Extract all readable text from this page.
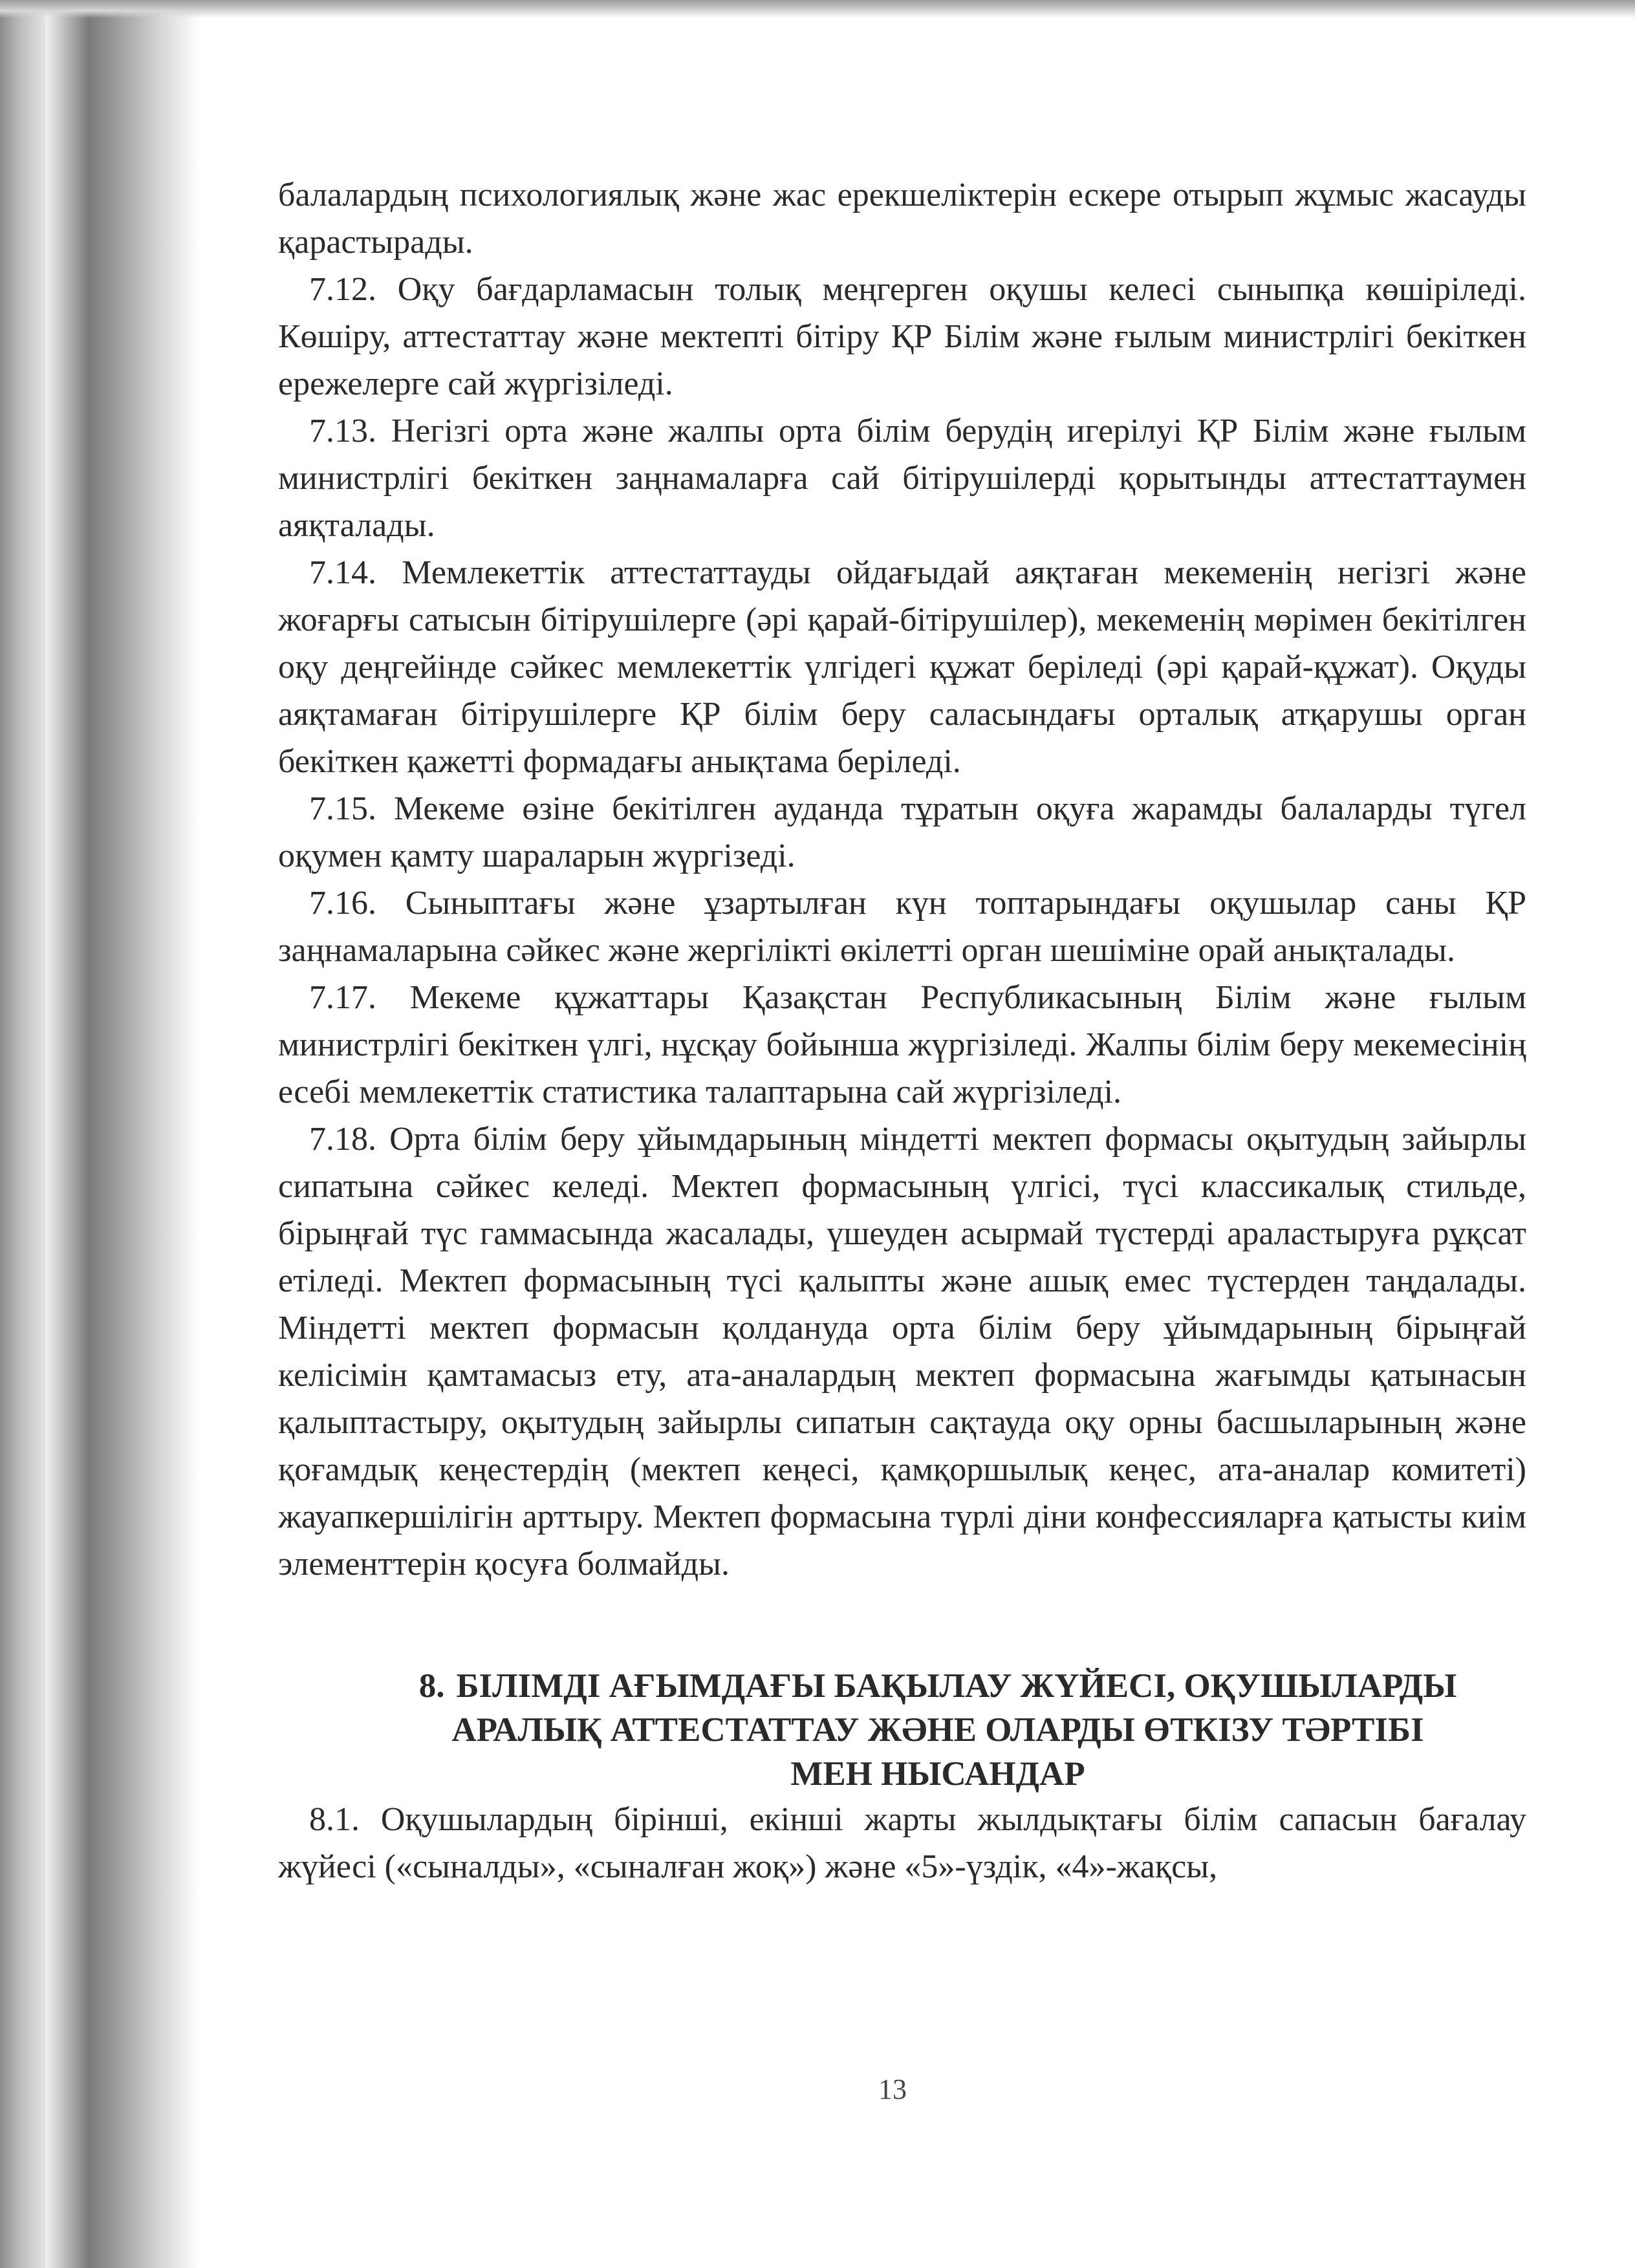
балалардың психологиялық және жас ерекшеліктерін ескере отырып жұмыс жасауды қарастырады.

7.12. Оқу бағдарламасын толық меңгерген оқушы келесі сыныпқа көшіріледі. Көшіру, аттестаттау және мектепті бітіру ҚР Білім және ғылым министрлігі бекіткен ережелерге сай жүргізіледі.

7.13. Негізгі орта және жалпы орта білім берудің игерілуі ҚР Білім және ғылым министрлігі бекіткен заңнамаларға сай бітірушілерді қорытынды аттестаттаумен аяқталады.

7.14. Мемлекеттік аттестаттауды ойдағыдай аяқтаған мекеменің негізгі және жоғарғы сатысын бітірушілерге (әрі қарай-бітірушілер), мекеменің мөрімен бекітілген оқу деңгейінде сәйкес мемлекеттік үлгідегі құжат беріледі (әрі қарай-құжат). Оқуды аяқтамаған бітірушілерге ҚР білім беру саласындағы орталық атқарушы орган бекіткен қажетті формадағы анықтама беріледі.

7.15. Мекеме өзіне бекітілген ауданда тұратын оқуға жарамды балаларды түгел оқумен қамту шараларын жүргізеді.

7.16. Сыныптағы және ұзартылған күн топтарындағы оқушылар саны ҚР заңнамаларына сәйкес және жергілікті өкілетті орган шешіміне орай анықталады.

7.17. Мекеме құжаттары Қазақстан Республикасының Білім және ғылым министрлігі бекіткен үлгі, нұсқау бойынша жүргізіледі. Жалпы білім беру мекемесінің есебі мемлекеттік статистика талаптарына сай жүргізіледі.

7.18. Орта білім беру ұйымдарының міндетті мектеп формасы оқытудың зайырлы сипатына сәйкес келеді. Мектеп формасының үлгісі, түсі классикалық стильде, бірыңғай түс гаммасында жасалады, үшеуден асырмай түстерді араластыруға рұқсат етіледі. Мектеп формасының түсі қалыпты және ашық емес түстерден таңдалады. Міндетті мектеп формасын қолдануда орта білім беру ұйымдарының бірыңғай келісімін қамтамасыз ету, ата-аналардың мектеп формасына жағымды қатынасын қалыптастыру, оқытудың зайырлы сипатын сақтауда оқу орны басшыларының және қоғамдық кеңестердің (мектеп кеңесі, қамқоршылық кеңес, ата-аналар комитеті) жауапкершілігін арттыру. Мектеп формасына түрлі діни конфессияларға қатысты киім элементтерін қосуға болмайды.

8. БІЛІМДІ АҒЫМДАҒЫ БАҚЫЛАУ ЖҮЙЕСІ, ОҚУШЫЛАРДЫ
АРАЛЫҚ АТТЕСТАТТАУ ЖӘНЕ ОЛАРДЫ ӨТКІЗУ ТӘРТІБІ
МЕН НЫСАНДАР

8.1. Оқушылардың бірінші, екінші жарты жылдықтағы білім сапасын бағалау жүйесі («сыналды», «сыналған жоқ») және «5»-үздік, «4»-жақсы,

13
